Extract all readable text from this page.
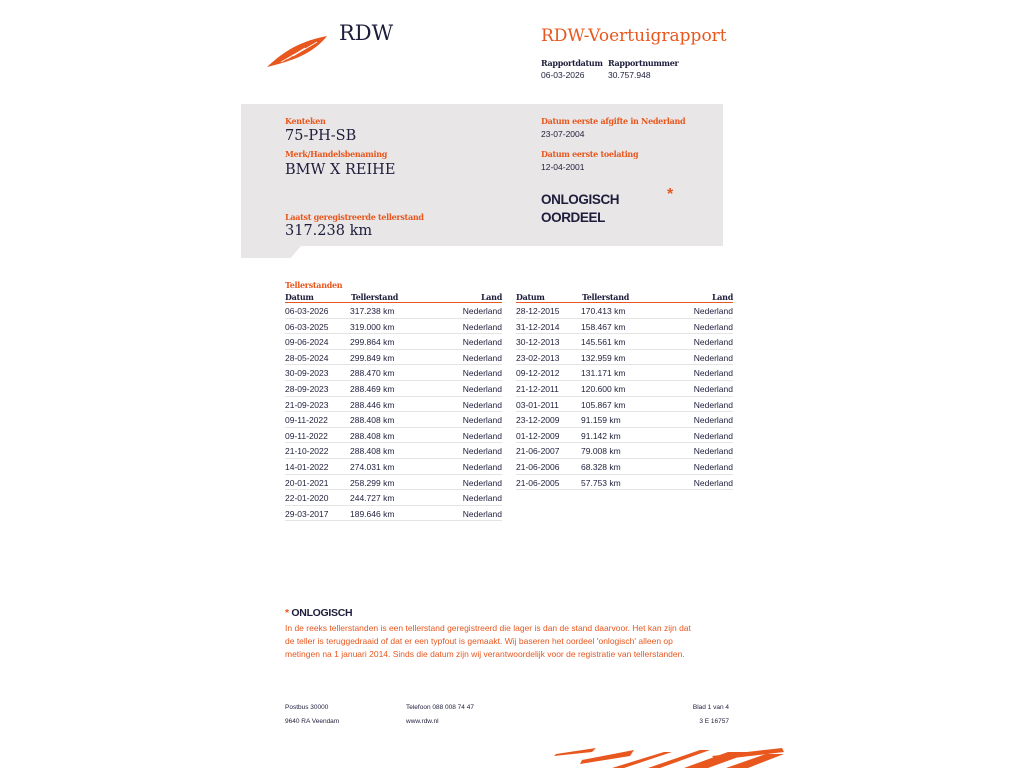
RDW	RDW-Voertuigrapport
Rapportdatum
06-03-2026
Rapportnummer
30.757.948
Kenteken
75-PH-SB
Merk/Handelsbenaming
BMW X REIHE
Laatst geregistreerde tellerstand
317.238 km
Datum eerste afgifte in Nederland
23-07-2004
Datum eerste toelating
12-04-2001
ONLOGISCH
OORDEEL
*
Tellerstanden
Datum	Tellerstand	Land
06-03-2026	317.238 km	Nederland
06-03-2025	319.000 km	Nederland
09-06-2024	299.864 km	Nederland
28-05-2024	299.849 km	Nederland
30-09-2023	288.470 km	Nederland
28-09-2023	288.469 km	Nederland
21-09-2023	288.446 km	Nederland
09-11-2022	288.408 km	Nederland
09-11-2022	288.408 km	Nederland
21-10-2022	288.408 km	Nederland
14-01-2022	274.031 km	Nederland
20-01-2021	258.299 km	Nederland
22-01-2020	244.727 km	Nederland
29-03-2017	189.646 km	Nederland
Datum	Tellerstand	Land
28-12-2015	170.413 km	Nederland
31-12-2014	158.467 km	Nederland
30-12-2013	145.561 km	Nederland
23-02-2013	132.959 km	Nederland
09-12-2012	131.171 km	Nederland
21-12-2011	120.600 km	Nederland
03-01-2011	105.867 km	Nederland
23-12-2009	91.159 km	Nederland
01-12-2009	91.142 km	Nederland
21-06-2007	79.008 km	Nederland
21-06-2006	68.328 km	Nederland
21-06-2005	57.753 km	Nederland
* ONLOGISCH
In de reeks tellerstanden is een tellerstand geregistreerd die lager is dan de stand daarvoor. Het kan zijn dat de teller is teruggedraaid of dat er een typfout is gemaakt. Wij baseren het oordeel 'onlogisch' alleen op metingen na 1 januari 2014. Sinds die datum zijn wij verantwoordelijk voor de registratie van tellerstanden.
Postbus 30000
9640 RA Veendam
Telefoon 088 008 74 47
www.rdw.nl
Blad 1 van 4
3 E 16757
